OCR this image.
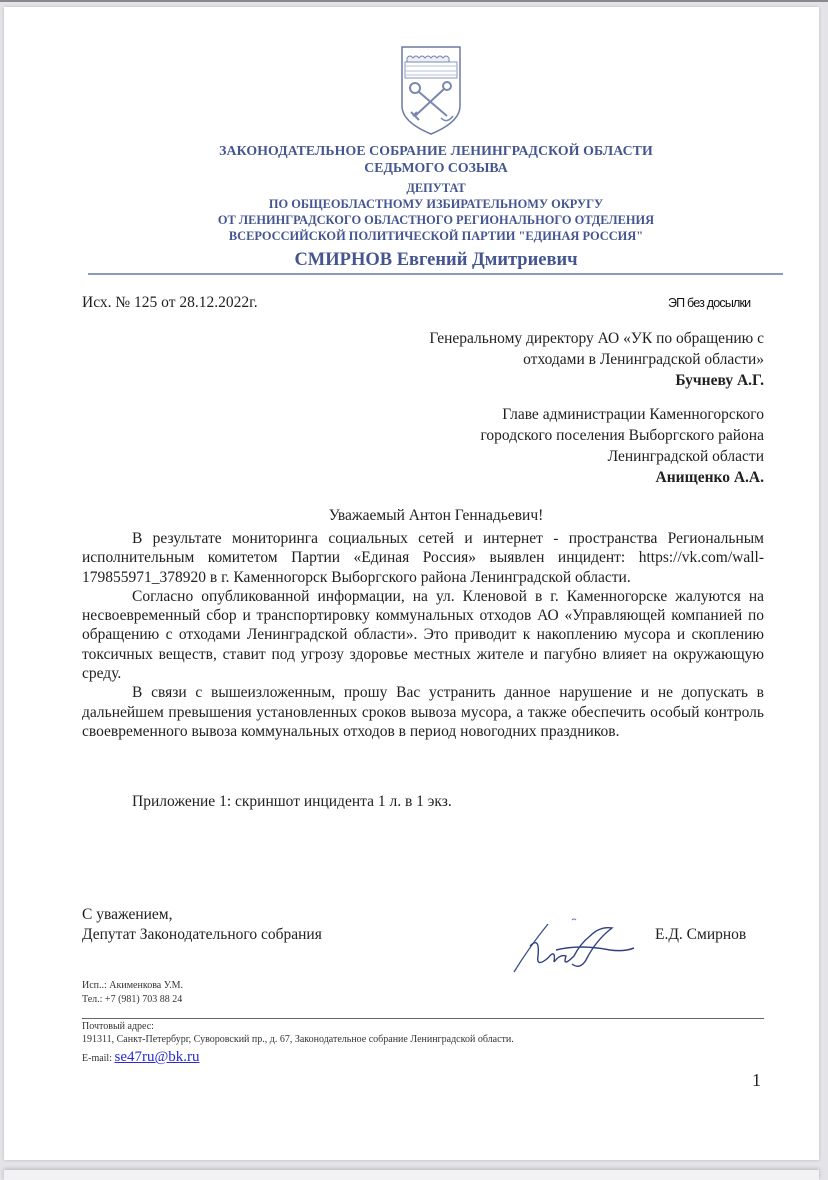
ЗАКОНОДАТЕЛЬНОЕ СОБРАНИЕ ЛЕНИНГРАДСКОЙ ОБЛАСТИ
СЕДЬМОГО СОЗЫВА
ДЕПУТАТ
ПО ОБЩЕОБЛАСТНОМУ ИЗБИРАТЕЛЬНОМУ ОКРУГУ
ОТ ЛЕНИНГРАДСКОГО ОБЛАСТНОГО РЕГИОНАЛЬНОГО ОТДЕЛЕНИЯ
ВСЕРОССИЙСКОЙ ПОЛИТИЧЕСКОЙ ПАРТИИ "ЕДИНАЯ РОССИЯ"
СМИРНОВ Евгений Дмитриевич
Исх. № 125 от 28.12.2022г.	ЭП без досылки
Генеральному директору АО «УК по обращению с
отходами в Ленинградской области»
Бучневу А.Г.
Главе администрации Каменногорского
городского поселения Выборгского района
Ленинградской области
Анищенко А.А.
Уважаемый Антон Геннадьевич!

В результате мониторинга социальных сетей и интернет - пространства Региональным исполнительным комитетом Партии «Единая Россия» выявлен инцидент: https://vk.com/wall-179855971_378920 в г. Каменногорск Выборгского района Ленинградской области.

Согласно опубликованной информации, на ул. Кленовой в г. Каменногорске жалуются на несвоевременный сбор и транспортировку коммунальных отходов АО «Управляющей компанией по обращению с отходами Ленинградской области». Это приводит к накоплению мусора и скоплению токсичных веществ, ставит под угрозу здоровье местных жителе и пагубно влияет на окружающую среду.

В связи с вышеизложенным, прошу Вас устранить данное нарушение и не допускать в дальнейшем превышения установленных сроков вывоза мусора, а также обеспечить особый контроль своевременного вывоза коммунальных отходов в период новогодних праздников.

Приложение 1: скриншот инцидента 1 л. в 1 экз.
С уважением,
Депутат Законодательного собрания	Е.Д. Смирнов
Исп..: Акименкова У.М.
Тел.: +7 (981) 703 88 24
Почтовый адрес:
191311, Санкт-Петербург, Суворовский пр., д. 67, Законодательное собрание Ленинградской области.
E-mail: se47ru@bk.ru
1
